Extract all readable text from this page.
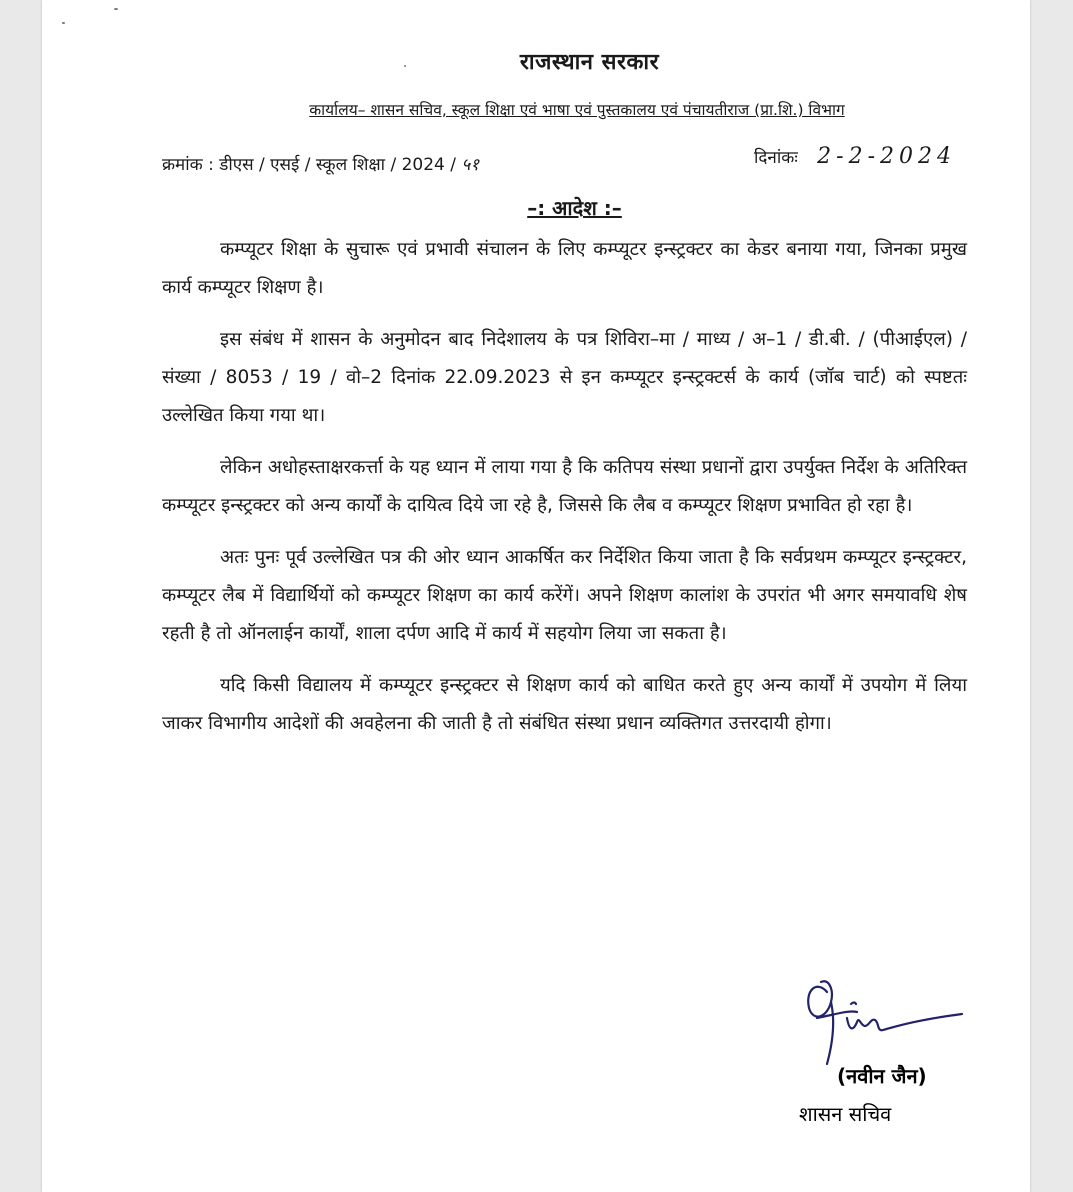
राजस्थान सरकार
कार्यालय– शासन सचिव, स्कूल शिक्षा एवं भाषा एवं पुस्तकालय एवं पंचायतीराज (प्रा.शि.) विभाग
क्रमांक : डीएस / एसई / स्कूल शिक्षा / 2024 / ५१	दिनांकः 2-2-2024
–: आदेश :–

कम्प्यूटर शिक्षा के सुचारू एवं प्रभावी संचालन के लिए कम्प्यूटर इन्स्ट्रक्टर का केडर बनाया गया, जिनका प्रमुख कार्य कम्प्यूटर शिक्षण है।

इस संबंध में शासन के अनुमोदन बाद निदेशालय के पत्र शिविरा–मा / माध्य / अ–1 / डी.बी. / (पीआईएल) / संख्या / 8053 / 19 / वो–2 दिनांक 22.09.2023 से इन कम्प्यूटर इन्स्ट्रक्टर्स के कार्य (जॉब चार्ट) को स्पष्टतः उल्लेखित किया गया था।

लेकिन अधोहस्ताक्षरकर्त्ता के यह ध्यान में लाया गया है कि कतिपय संस्था प्रधानों द्वारा उपर्युक्त निर्देश के अतिरिक्त कम्प्यूटर इन्स्ट्रक्टर को अन्य कार्यों के दायित्व दिये जा रहे है, जिससे कि लैब व कम्प्यूटर शिक्षण प्रभावित हो रहा है।

अतः पुनः पूर्व उल्लेखित पत्र की ओर ध्यान आकर्षित कर निर्देशित किया जाता है कि सर्वप्रथम कम्प्यूटर इन्स्ट्रक्टर, कम्प्यूटर लैब में विद्यार्थियों को कम्प्यूटर शिक्षण का कार्य करेंगें। अपने शिक्षण कालांश के उपरांत भी अगर समयावधि शेष रहती है तो ऑनलाईन कार्यों, शाला दर्पण आदि में कार्य में सहयोग लिया जा सकता है।

यदि किसी विद्यालय में कम्प्यूटर इन्स्ट्रक्टर से शिक्षण कार्य को बाधित करते हुए अन्य कार्यों में उपयोग में लिया जाकर विभागीय आदेशों की अवहेलना की जाती है तो संबंधित संस्था प्रधान व्यक्तिगत उत्तरदायी होगा।

(नवीन जैन)
शासन सचिव
